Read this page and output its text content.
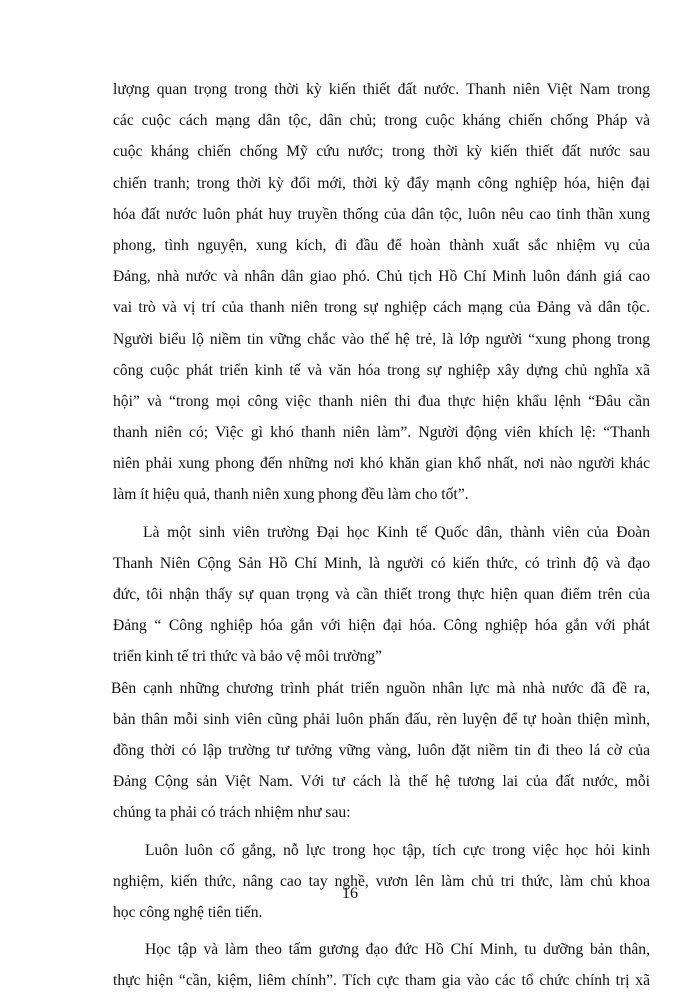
lượng quan trọng trong thời kỳ kiến thiết đất nước. Thanh niên Việt Nam trong
các cuộc cách mạng dân tộc, dân chủ; trong cuộc kháng chiến chống Pháp và
cuộc kháng chiến chống Mỹ cứu nước; trong thời kỳ kiến thiết đất nước sau
chiến tranh; trong thời kỳ đổi mới, thời kỳ đẩy mạnh công nghiệp hóa, hiện đại
hóa đất nước luôn phát huy truyền thống của dân tộc, luôn nêu cao tinh thần xung
phong, tình nguyện, xung kích, đi đầu để hoàn thành xuất sắc nhiệm vụ của
Đảng, nhà nước và nhân dân giao phó. Chủ tịch Hồ Chí Minh luôn đánh giá cao
vai trò và vị trí của thanh niên trong sự nghiệp cách mạng của Đảng và dân tộc.
Người biểu lộ niềm tin vững chắc vào thế hệ trẻ, là lớp người “xung phong trong
công cuộc phát triển kinh tế và văn hóa trong sự nghiệp xây dựng chủ nghĩa xã
hội” và “trong mọi công việc thanh niên thi đua thực hiện khẩu lệnh “Đâu cần
thanh niên có; Việc gì khó thanh niên làm”. Người động viên khích lệ: “Thanh
niên phải xung phong đến những nơi khó khăn gian khổ nhất, nơi nào người khác
làm ít hiệu quả, thanh niên xung phong đều làm cho tốt”.
Là một sinh viên trường Đại học Kinh tế Quốc dân, thành viên của Đoàn
Thanh Niên Cộng Sản Hồ Chí Minh, là người có kiến thức, có trình độ và đạo
đức, tôi nhận thấy sự quan trọng và cần thiết trong thực hiện quan điểm trên của
Đảng “ Công nghiệp hóa gắn với hiện đại hóa. Công nghiệp hóa gắn với phát
triển kinh tế tri thức và bảo vệ môi trường”
Bên cạnh những chương trình phát triển nguồn nhân lực mà nhà nước đã đề ra,
bản thân mỗi sinh viên cũng phải luôn phấn đấu, rèn luyện để tự hoàn thiện mình,
đồng thời có lập trường tư tưởng vững vàng, luôn đặt niềm tin đi theo lá cờ của
Đảng Cộng sản Việt Nam. Với tư cách là thế hệ tương lai của đất nước, mỗi
chúng ta phải có trách nhiệm như sau:
Luôn luôn cố gắng, nỗ lực trong học tập, tích cực trong việc học hỏi kinh
nghiệm, kiến thức, nâng cao tay nghề, vươn lên làm chủ tri thức, làm chủ khoa
học công nghệ tiên tiến.
Học tập và làm theo tấm gương đạo đức Hồ Chí Minh, tu dưỡng bản thân,
thực hiện “cần, kiệm, liêm chính”. Tích cực tham gia vào các tổ chức chính trị xã
16
